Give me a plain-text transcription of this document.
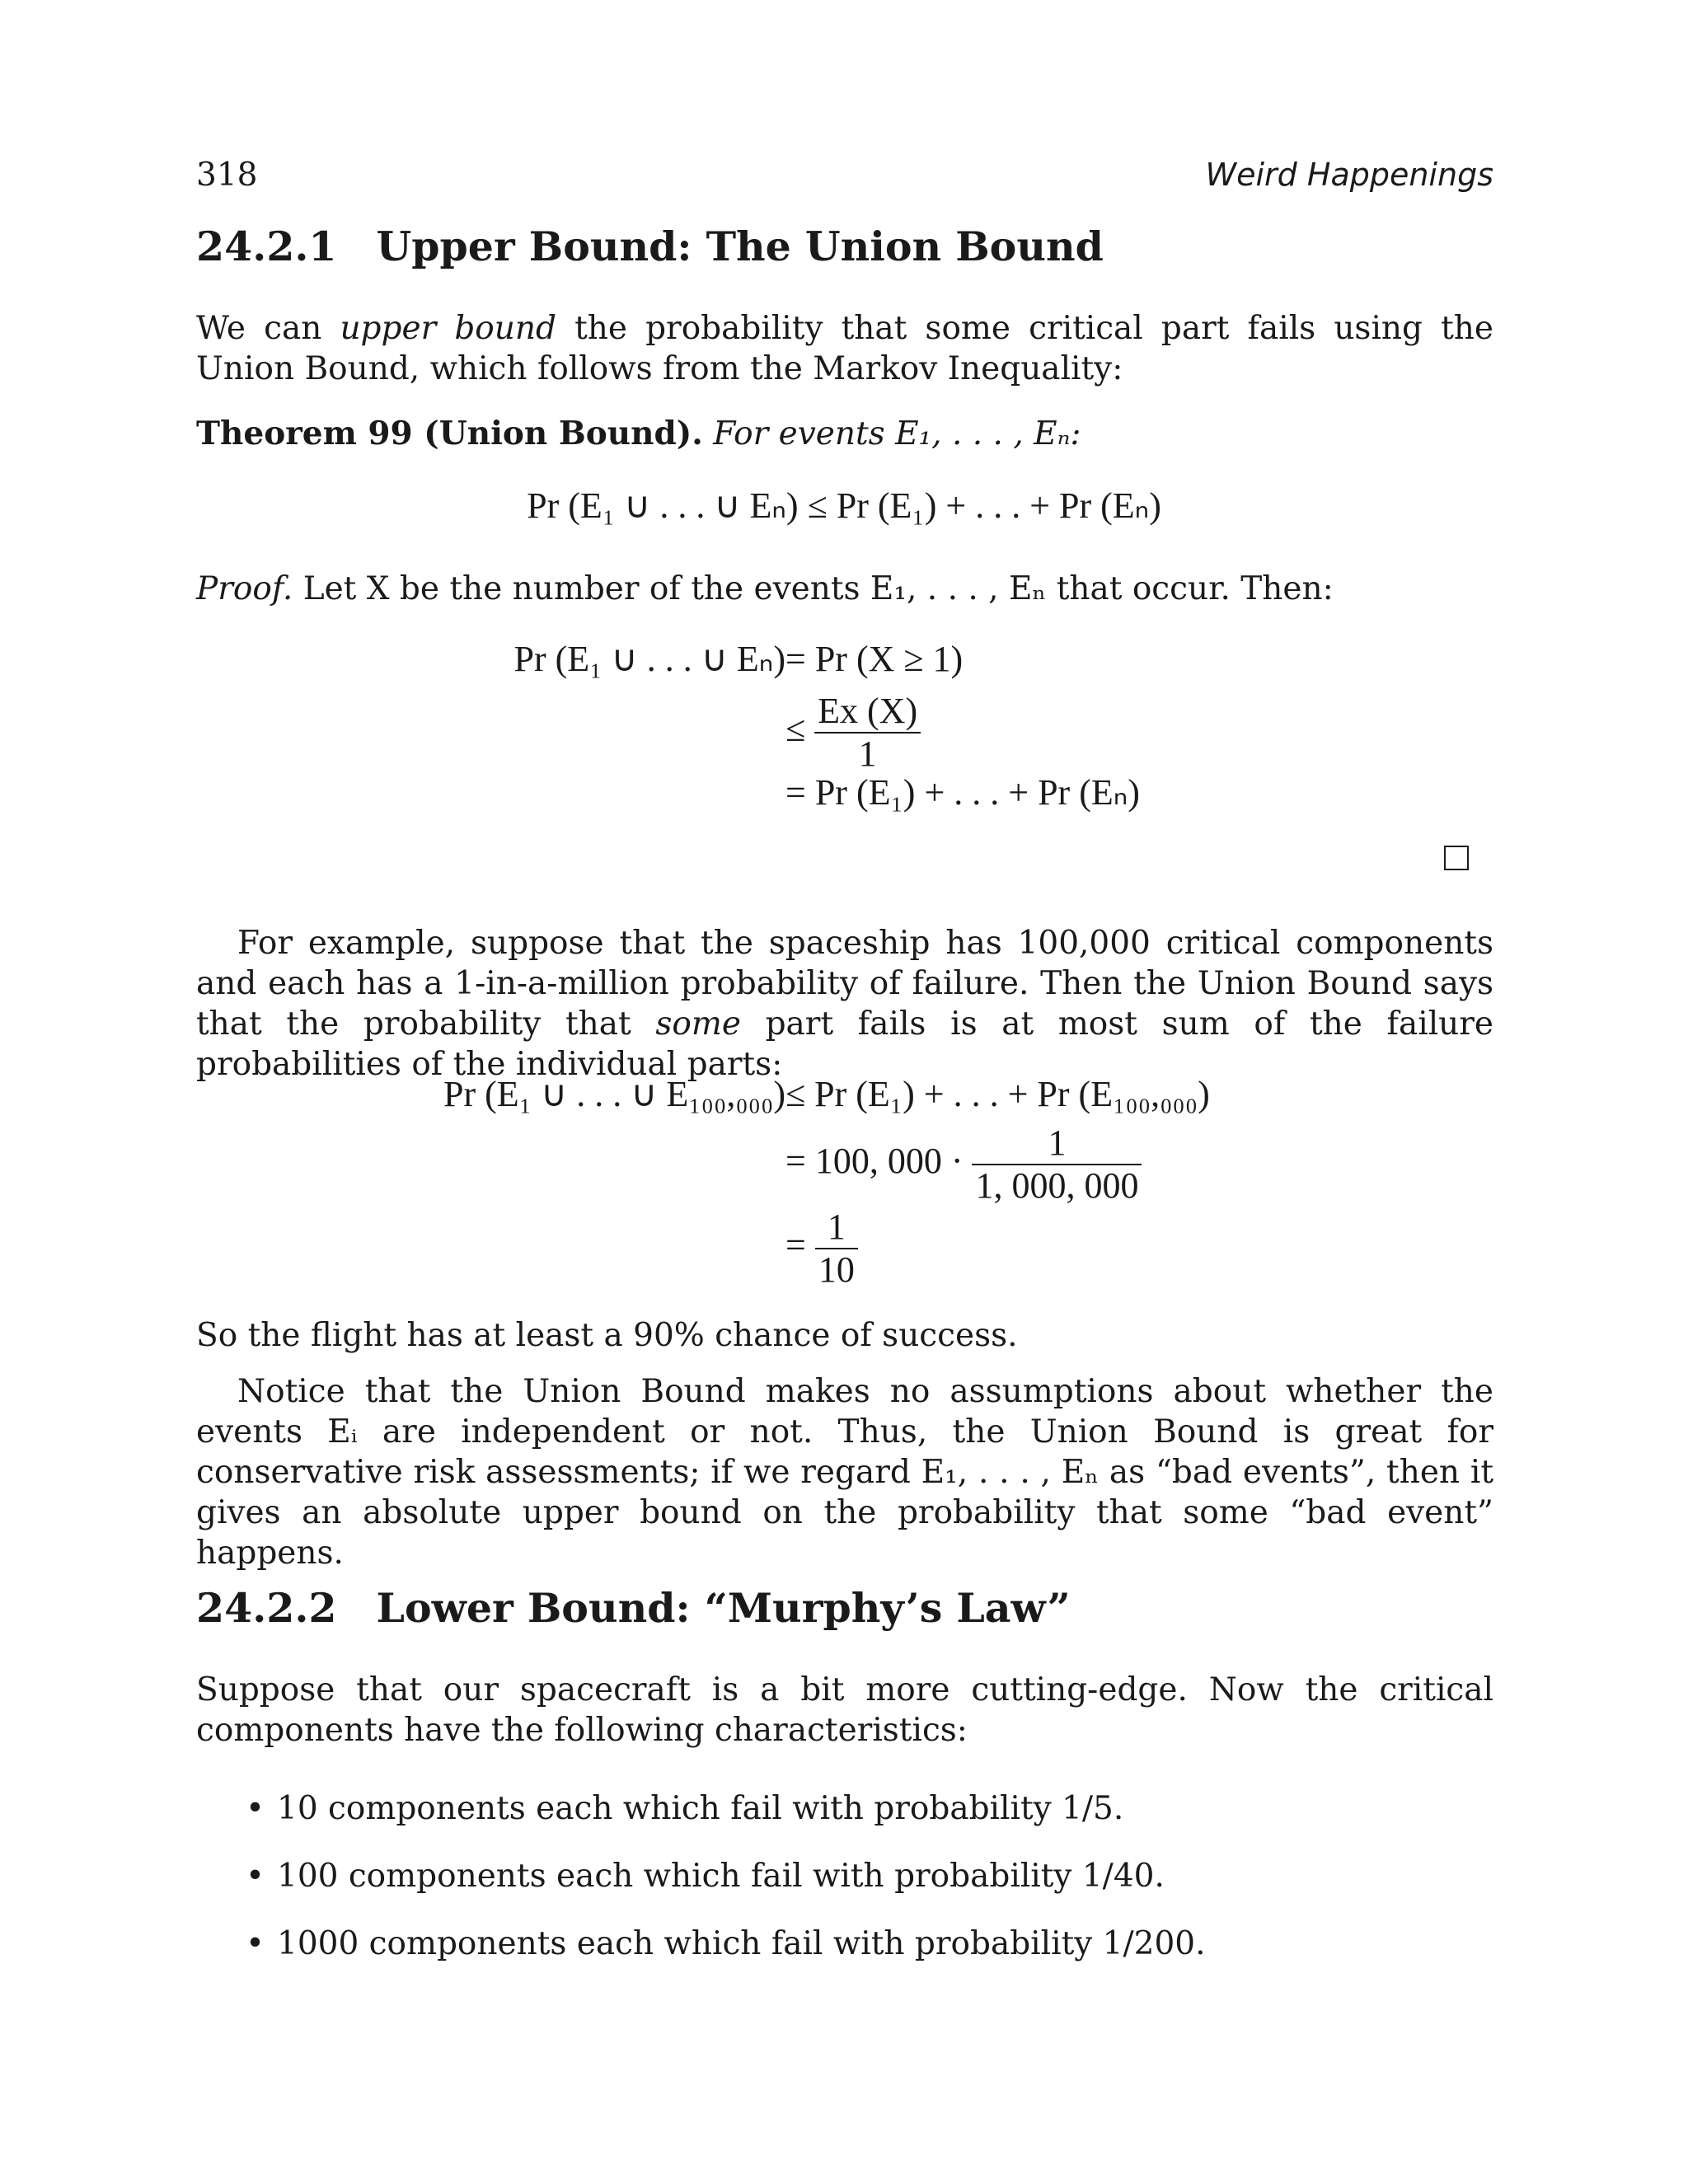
318	Weird Happenings
24.2.1 Upper Bound: The Union Bound
We can upper bound the probability that some critical part fails using the Union Bound, which follows from the Markov Inequality:
Theorem 99 (Union Bound). For events E₁, . . . , Eₙ:
Pr (E₁ ∪ . . . ∪ Eₙ) ≤ Pr (E₁) + . . . + Pr (Eₙ)
Proof. Let X be the number of the events E₁, . . . , Eₙ that occur. Then:
Pr (E₁ ∪ . . . ∪ Eₙ) = Pr (X ≥ 1)
≤ $\frac{Ex (X)}{1}$
= Pr (E₁) + . . . + Pr (Eₙ)
For example, suppose that the spaceship has 100,000 critical components and each has a 1-in-a-million probability of failure. Then the Union Bound says that the probability that some part fails is at most sum of the failure probabilities of the individual parts:
Pr (E₁ ∪ . . . ∪ E₁₀₀,₀₀₀) ≤ Pr (E₁) + . . . + Pr (E₁₀₀,₀₀₀)
= 100, $000 \cdot \frac{1}{1, 000, 000}$
= $\frac{1}{10}$
So the flight has at least a 90% chance of success.
Notice that the Union Bound makes no assumptions about whether the events Eᵢ are independent or not. Thus, the Union Bound is great for conservative risk assessments; if we regard E₁, . . . , Eₙ as “bad events”, then it gives an absolute upper bound on the probability that some “bad event” happens.
24.2.2 Lower Bound: “Murphy’s Law”
Suppose that our spacecraft is a bit more cutting-edge. Now the critical components have the following characteristics:
• 10 components each which fail with probability 1/5.
• 100 components each which fail with probability 1/40.
• 1000 components each which fail with probability 1/200.
